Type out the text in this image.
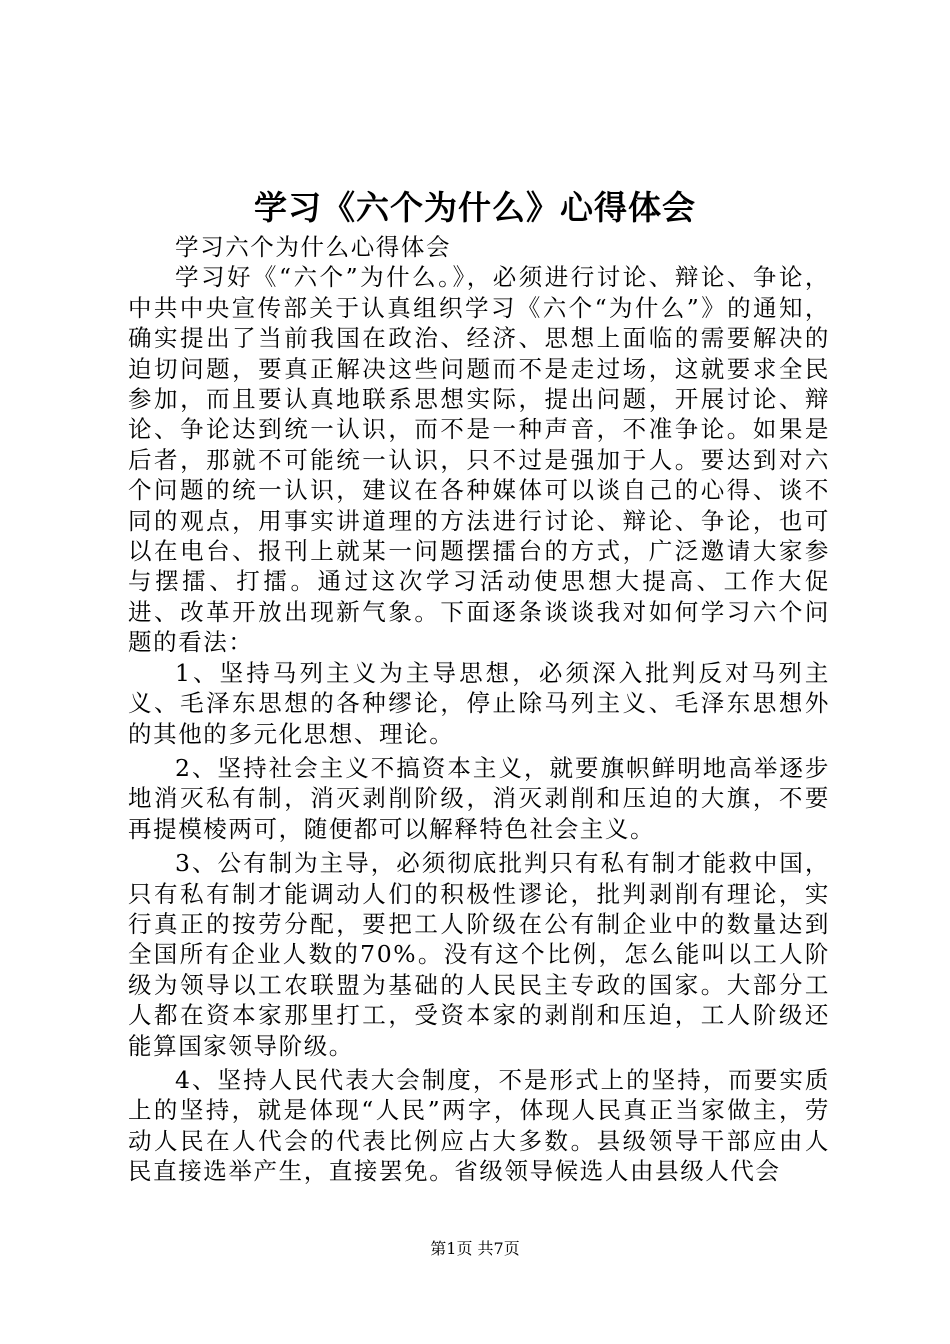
学习《六个为什么》心得体会

学习六个为什么心得体会

学习好《“六个”为什么。》，必须进行讨论、辩论、争论，中共中央宣传部关于认真组织学习《六个“为什么”》的通知，确实提出了当前我国在政治、经济、思想上面临的需要解决的迫切问题，要真正解决这些问题而不是走过场，这就要求全民参加，而且要认真地联系思想实际，提出问题，开展讨论、辩论、争论达到统一认识，而不是一种声音，不准争论。如果是后者，那就不可能统一认识，只不过是强加于人。要达到对六个问题的统一认识，建议在各种媒体可以谈自己的心得、谈不同的观点，用事实讲道理的方法进行讨论、辩论、争论，也可以在电台、报刊上就某一问题摆擂台的方式，广泛邀请大家参与摆擂、打擂。通过这次学习活动使思想大提高、工作大促进、改革开放出现新气象。下面逐条谈谈我对如何学习六个问题的看法：

1、坚持马列主义为主导思想，必须深入批判反对马列主义、毛泽东思想的各种缪论，停止除马列主义、毛泽东思想外的其他的多元化思想、理论。

2、坚持社会主义不搞资本主义，就要旗帜鲜明地高举逐步地消灭私有制，消灭剥削阶级，消灭剥削和压迫的大旗，不要再提模棱两可，随便都可以解释特色社会主义。

3、公有制为主导，必须彻底批判只有私有制才能救中国，只有私有制才能调动人们的积极性谬论，批判剥削有理论，实行真正的按劳分配，要把工人阶级在公有制企业中的数量达到全国所有企业人数的70%。没有这个比例，怎么能叫以工人阶级为领导以工农联盟为基础的人民民主专政的国家。大部分工人都在资本家那里打工，受资本家的剥削和压迫，工人阶级还能算国家领导阶级。

4、坚持人民代表大会制度，不是形式上的坚持，而要实质上的坚持，就是体现“人民”两字，体现人民真正当家做主，劳动人民在人代会的代表比例应占大多数。县级领导干部应由人民直接选举产生，直接罢免。省级领导候选人由县级人代会

第1页 共7页
